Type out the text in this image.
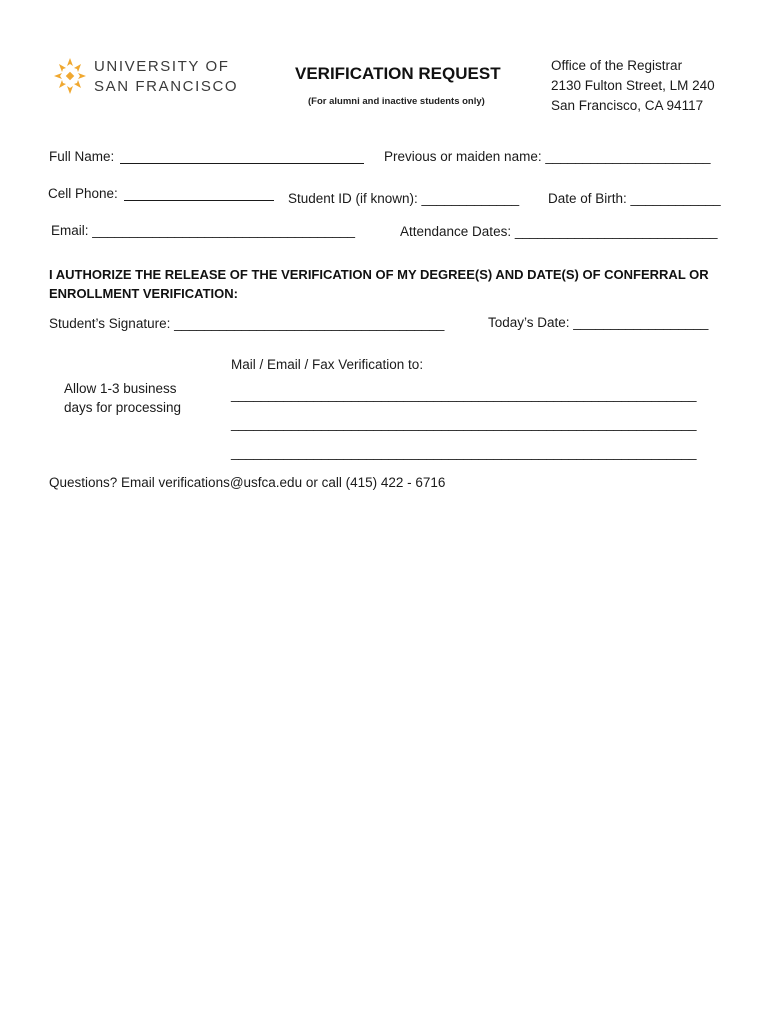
UNIVERSITY OF
SAN FRANCISCO
VERIFICATION REQUEST
(For alumni and inactive students only)
Office of the Registrar
2130 Fulton Street, LM 240
San Francisco, CA 94117
Full Name:	Previous or maiden name: ______________________
Cell Phone:	Student ID (if known): _____________ Date of Birth: ____________
Email: ___________________________________	Attendance Dates: ___________________________
I AUTHORIZE THE RELEASE OF THE VERIFICATION OF MY DEGREE(S) AND DATE(S) OF CONFERRAL OR ENROLLMENT VERIFICATION:
Student’s Signature: ____________________________________	Today’s Date: __________________
Mail / Email / Fax Verification to:
______________________________________________________________
______________________________________________________________
______________________________________________________________
Allow 1-3 business days for processing
Questions? Email verifications@usfca.edu or call (415) 422 - 6716
